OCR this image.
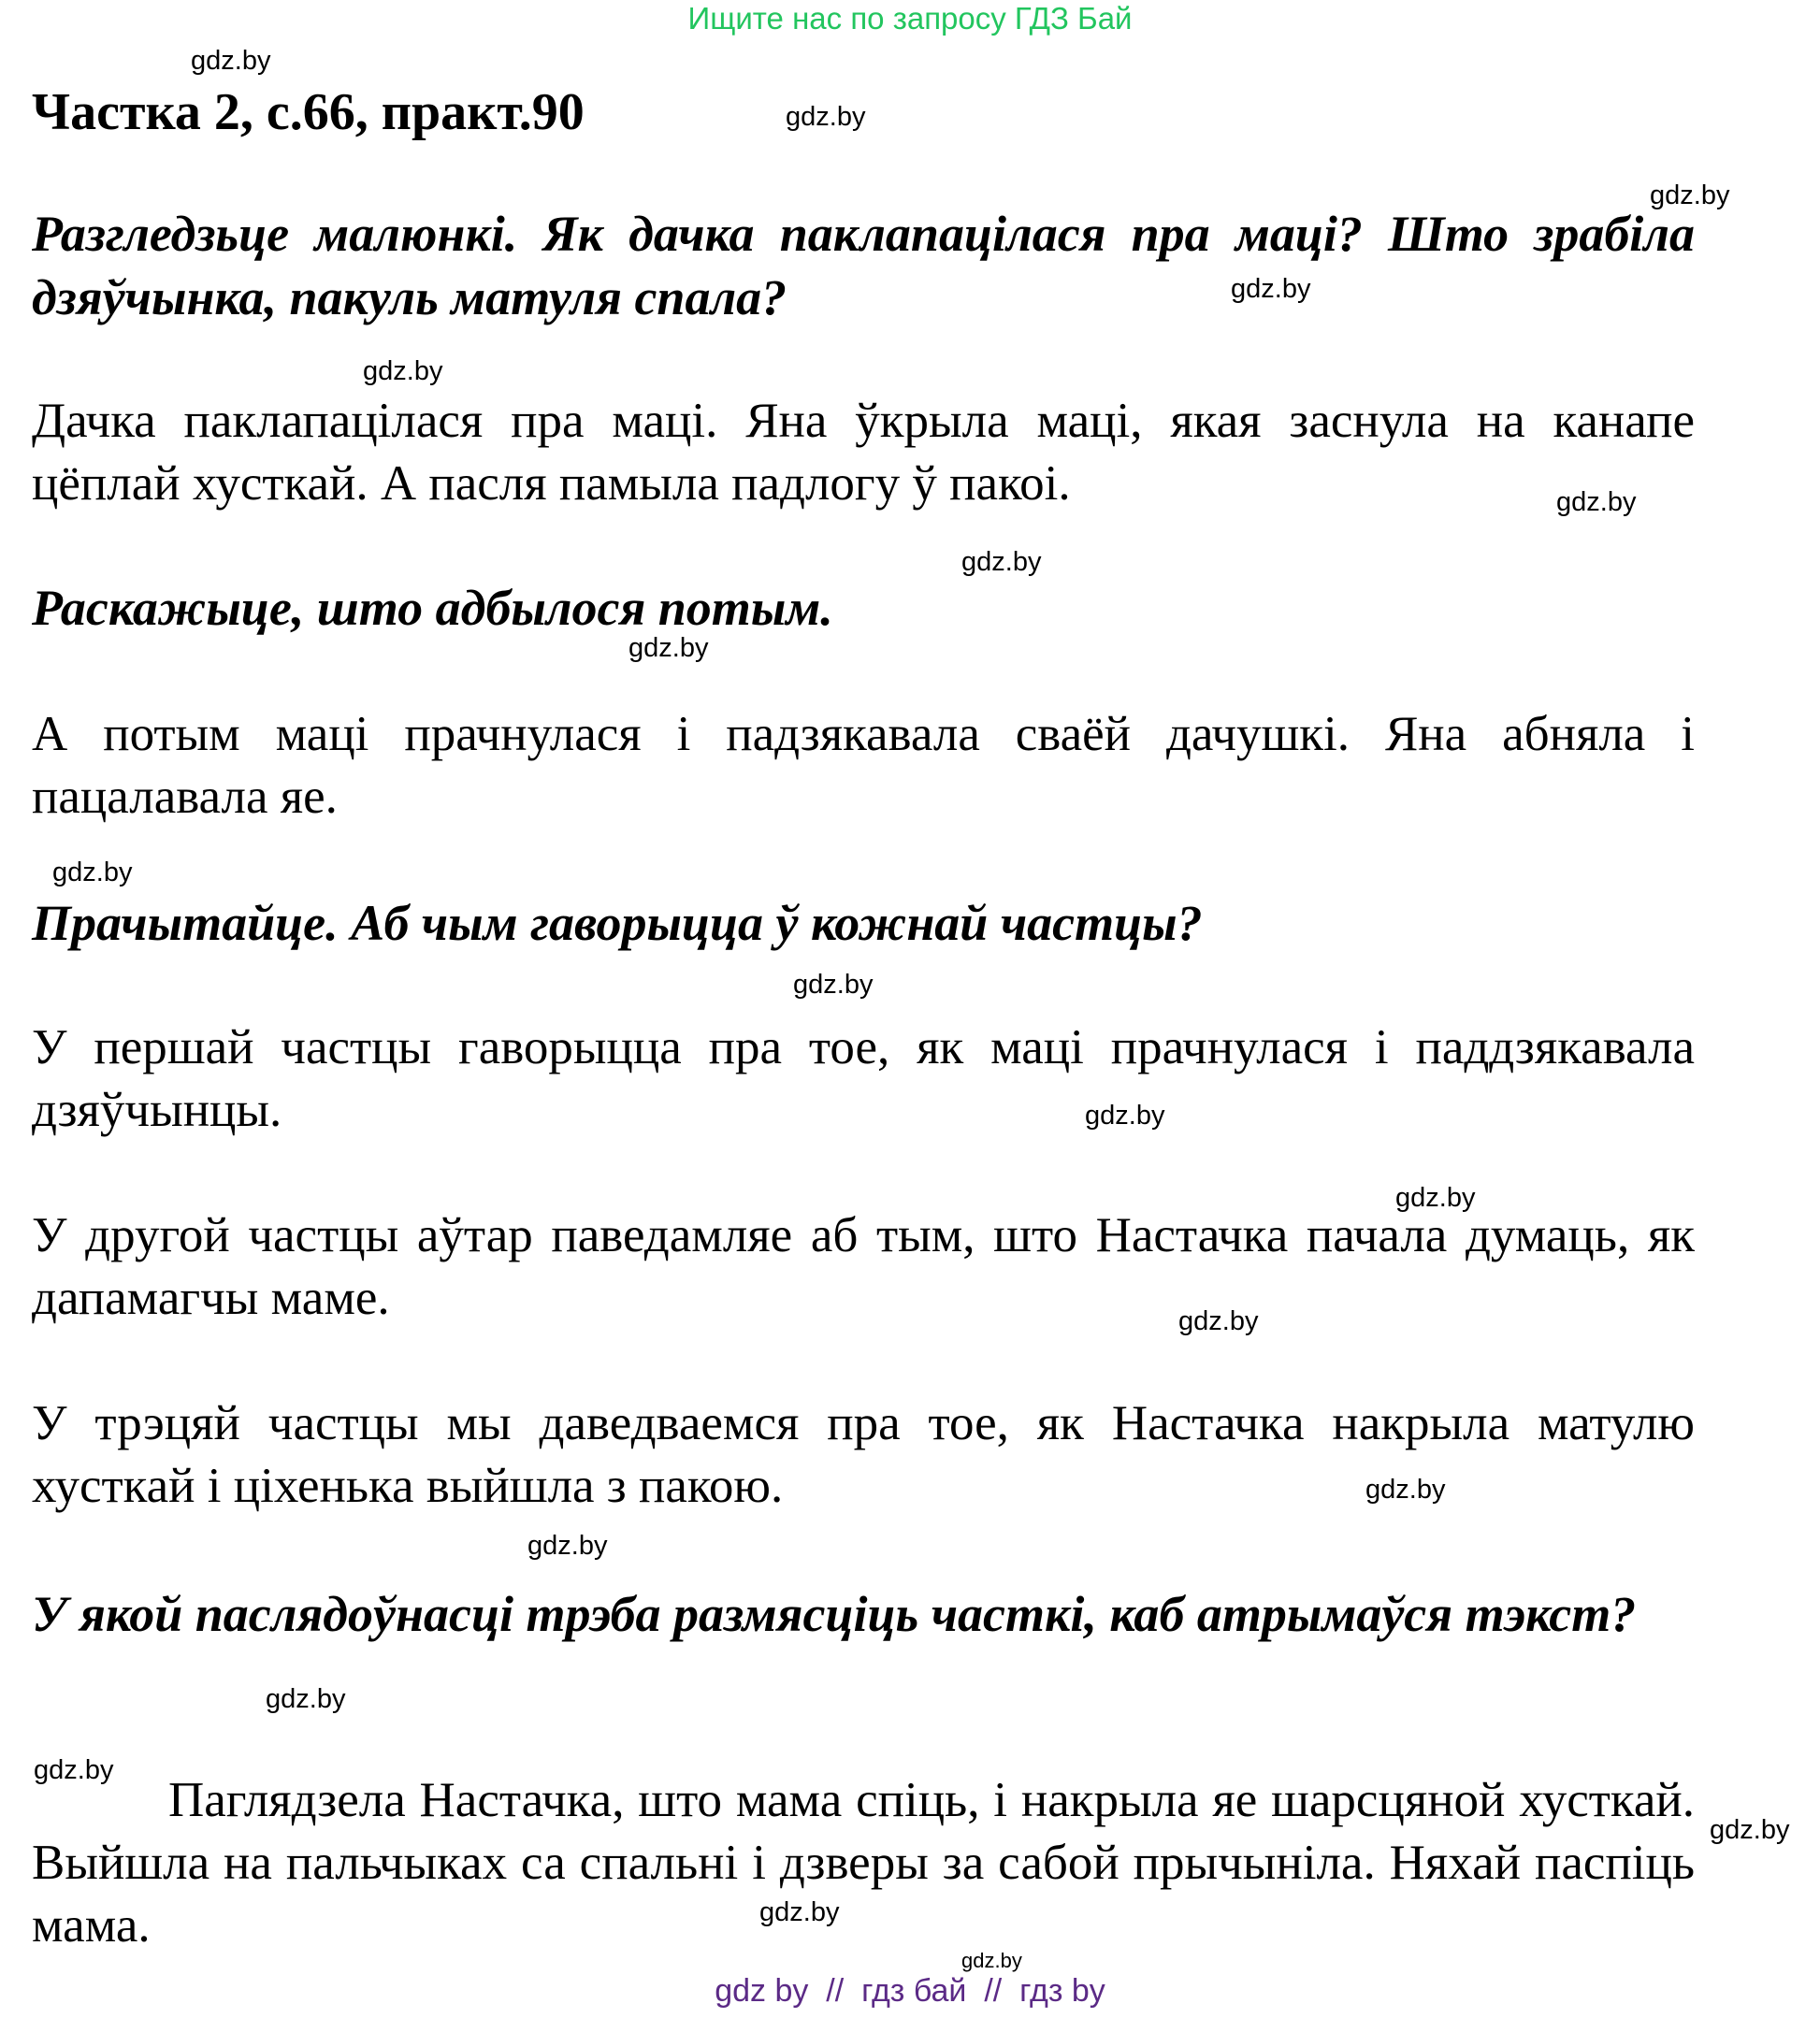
Ищите нас по запросу ГДЗ Бай
Частка 2, с.66, практ.90
Разгледзьце малюнкі. Як дачка паклапацілася пра маці? Што зрабіла дзяўчынка, пакуль матуля спала?
Дачка паклапацілася пра маці. Яна ўкрыла маці, якая заснула на канапе цёплай хусткай. А пасля памыла падлогу ў пакоі.
Раскажыце, што адбылося потым.
А потым маці прачнулася і падзякавала сваёй дачушкі. Яна абняла і пацалавала яе.
Прачытайце. Аб чым гаворыцца ў кожнай частцы?
У першай частцы гаворыцца пра тое, як маці прачнулася і паддзякавала дзяўчынцы.
У другой частцы аўтар паведамляе аб тым, што Настачка пачала думаць, як дапамагчы маме.
У трэцяй частцы мы даведваемся пра тое, як Настачка накрыла матулю хусткай і ціхенька выйшла з пакою.
У якой паслядоўнасці трэба размясціць часткі, каб атрымаўся тэкст?
Паглядзела Настачка, што мама спіць, і накрыла яе шарсцяной хусткай. Выйшла на пальчыках са спальні і дзверы за сабой прычыніла. Няхай паспіць мама.
gdz.by
gdz.by
gdz.by
gdz.by
gdz.by
gdz.by
gdz.by
gdz.by
gdz.by
gdz.by
gdz.by
gdz.by
gdz.by
gdz.by
gdz.by
gdz.by
gdz.by
gdz.by
gdz.by
gdz.by
gdz by  //  гдз бай  //  гдз by
